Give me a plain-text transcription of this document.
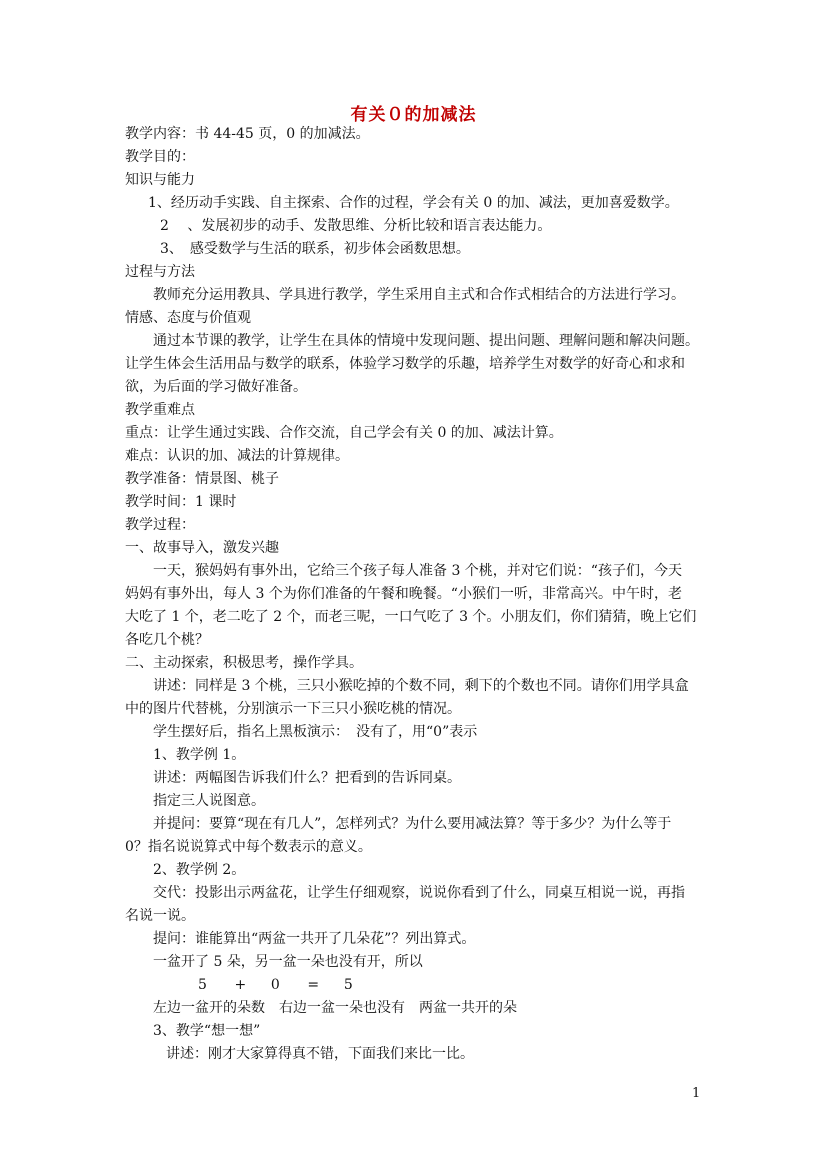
有关０的加减法
教学内容：书 44-45 页，0 的加减法。
教学目的：
知识与能力
1、经历动手实践、自主探索、合作的过程，学会有关 0 的加、减法，更加喜爱数学。
2 　、发展初步的动手、发散思维、分析比较和语言表达能力。
3、　感受数学与生活的联系，初步体会函数思想。
过程与方法
教师充分运用教具、学具进行教学，学生采用自主式和合作式相结合的方法进行学习。
情感、态度与价值观
通过本节课的教学，让学生在具体的情境中发现问题、提出问题、理解问题和解决问题。
让学生体会生活用品与数学的联系，体验学习数学的乐趣，培养学生对数学的好奇心和求和
欲，为后面的学习做好准备。
教学重难点
重点：让学生通过实践、合作交流，自己学会有关 0 的加、减法计算。
难点：认识的加、减法的计算规律。
教学准备：情景图、桃子
教学时间：1 课时
教学过程：
一、故事导入，激发兴趣
一天，猴妈妈有事外出，它给三个孩子每人准备 3 个桃，并对它们说：“孩子们，今天
妈妈有事外出，每人 3 个为你们准备的午餐和晚餐。“小猴们一听，非常高兴。中午时，老
大吃了 1 个，老二吃了 2 个，而老三呢，一口气吃了 3 个。小朋友们，你们猜猜，晚上它们
各吃几个桃？
二、主动探索，积极思考，操作学具。
讲述：同样是 3 个桃，三只小猴吃掉的个数不同，剩下的个数也不同。请你们用学具盒
中的图片代替桃，分别演示一下三只小猴吃桃的情况。
学生摆好后，指名上黑板演示：　没有了，用“0”表示
1、教学例 1。
讲述：两幅图告诉我们什么？把看到的告诉同桌。
指定三人说图意。
并提问：要算“现在有几人”，怎样列式？为什么要用减法算？等于多少？为什么等于
0？指名说说算式中每个数表示的意义。
2、教学例 2。
交代：投影出示两盆花，让学生仔细观察，说说你看到了什么，同桌互相说一说，再指
名说一说。
提问：谁能算出“两盆一共开了几朵花”？列出算式。
一盆开了 5 朵，另一盆一朵也没有开，所以
5 + 0 = 5
左边一盆开的朵数　右边一盆一朵也没有　两盆一共开的朵
3、教学“想一想”
讲述：刚才大家算得真不错，下面我们来比一比。
1
